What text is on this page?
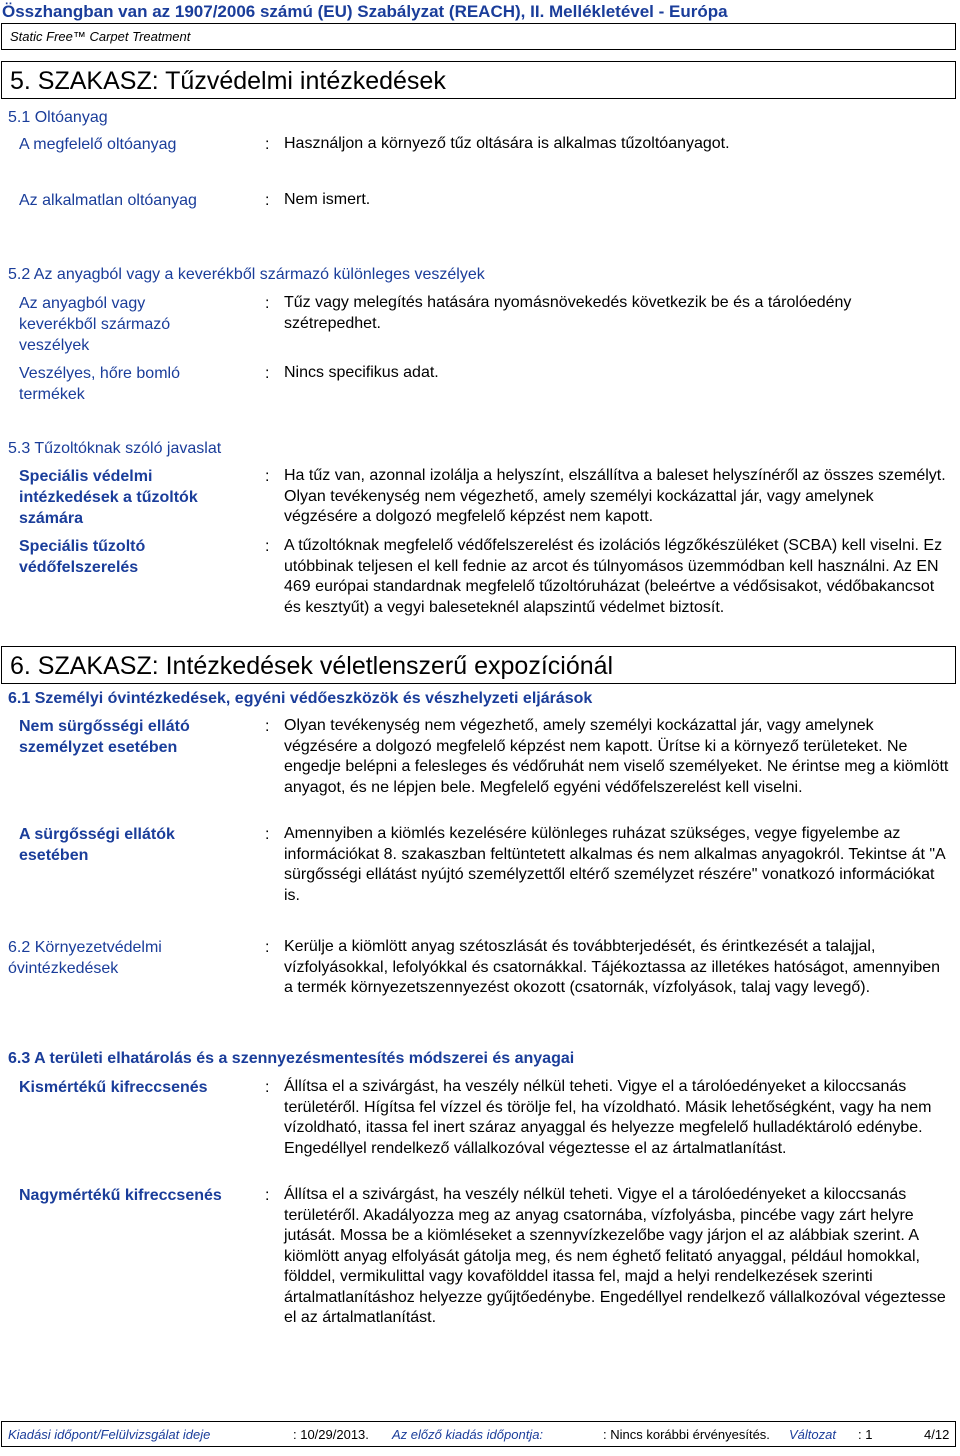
Összhangban van az 1907/2006 számú (EU) Szabályzat (REACH), II. Mellékletével - Európa
Static Free™ Carpet Treatment
5. SZAKASZ: Tűzvédelmi intézkedések
5.1 Oltóanyag
A megfelelő oltóanyag	: Használjon a környező tűz oltására is alkalmas tűzoltóanyagot.
Az alkalmatlan oltóanyag	: Nem ismert.
5.2 Az anyagból vagy a keverékből származó különleges veszélyek
Az anyagból vagy keverékből származó veszélyek
: Tűz vagy melegítés hatására nyomásnövekedés következik be és a tárolóedény szétrepedhet.
Veszélyes, hőre bomló termékek
: Nincs specifikus adat.
5.3 Tűzoltóknak szóló javaslat
Speciális védelmi intézkedések a tűzoltók számára
: Ha tűz van, azonnal izolálja a helyszínt, elszállítva a baleset helyszínéről az összes személyt. Olyan tevékenység nem végezhető, amely személyi kockázattal jár, vagy amelynek végzésére a dolgozó megfelelő képzést nem kapott.
Speciális tűzoltó védőfelszerelés
: A tűzoltóknak megfelelő védőfelszerelést és izolációs légzőkészüléket (SCBA) kell viselni. Ez utóbbinak teljesen el kell fednie az arcot és túlnyomásos üzemmódban kell használni. Az EN 469 európai standardnak megfelelő tűzoltóruházat (beleértve a védősisakot, védőbakancsot és kesztyűt) a vegyi baleseteknél alapszintű védelmet biztosít.
6. SZAKASZ: Intézkedések véletlenszerű expozíciónál
6.1 Személyi óvintézkedések, egyéni védőeszközök és vészhelyzeti eljárások
Nem sürgősségi ellátó személyzet esetében
: Olyan tevékenység nem végezhető, amely személyi kockázattal jár, vagy amelynek végzésére a dolgozó megfelelő képzést nem kapott. Ürítse ki a környező területeket. Ne engedje belépni a felesleges és védőruhát nem viselő személyeket. Ne érintse meg a kiömlött anyagot, és ne lépjen bele. Megfelelő egyéni védőfelszerelést kell viselni.
A sürgősségi ellátók esetében
: Amennyiben a kiömlés kezelésére különleges ruházat szükséges, vegye figyelembe az információkat 8. szakaszban feltüntetett alkalmas és nem alkalmas anyagokról. Tekintse át "A sürgősségi ellátást nyújtó személyzettől eltérő személyzet részére" vonatkozó információkat is.
6.2 Környezetvédelmi óvintézkedések
: Kerülje a kiömlött anyag szétoszlását és továbbterjedését, és érintkezését a talajjal, vízfolyásokkal, lefolyókkal és csatornákkal. Tájékoztassa az illetékes hatóságot, amennyiben a termék környezetszennyezést okozott (csatornák, vízfolyások, talaj vagy levegő).
6.3 A területi elhatárolás és a szennyezésmentesítés módszerei és anyagai
Kismértékű kifreccsenés	: Állítsa el a szivárgást, ha veszély nélkül teheti. Vigye el a tárolóedényeket a kiloccsanás területéről. Hígítsa fel vízzel és törölje fel, ha vízoldható. Másik lehetőségként, vagy ha nem vízoldható, itassa fel inert száraz anyaggal és helyezze megfelelő hulladéktároló edénybe. Engedéllyel rendelkező vállalkozóval végeztesse el az ártalmatlanítást.
Nagymértékű kifreccsenés	: Állítsa el a szivárgást, ha veszély nélkül teheti. Vigye el a tárolóedényeket a kiloccsanás területéről. Akadályozza meg az anyag csatornába, vízfolyásba, pincébe vagy zárt helyre jutását. Mossa be a kiömléseket a szennyvízkezelőbe vagy járjon el az alábbiak szerint. A kiömlött anyag elfolyását gátolja meg, és nem éghető felitató anyaggal, például homokkal, földdel, vermikulittal vagy kovafölddel itassa fel, majd a helyi rendelkezések szerinti ártalmatlanításhoz helyezze gyűjtőedénybe. Engedéllyel rendelkező vállalkozóval végeztesse el az ártalmatlanítást.
Kiadási időpont/Felülvizsgálat ideje	: 10/29/2013. Az előző kiadás időpontja:	: Nincs korábbi érvényesítés. Változat : 1	4/12
